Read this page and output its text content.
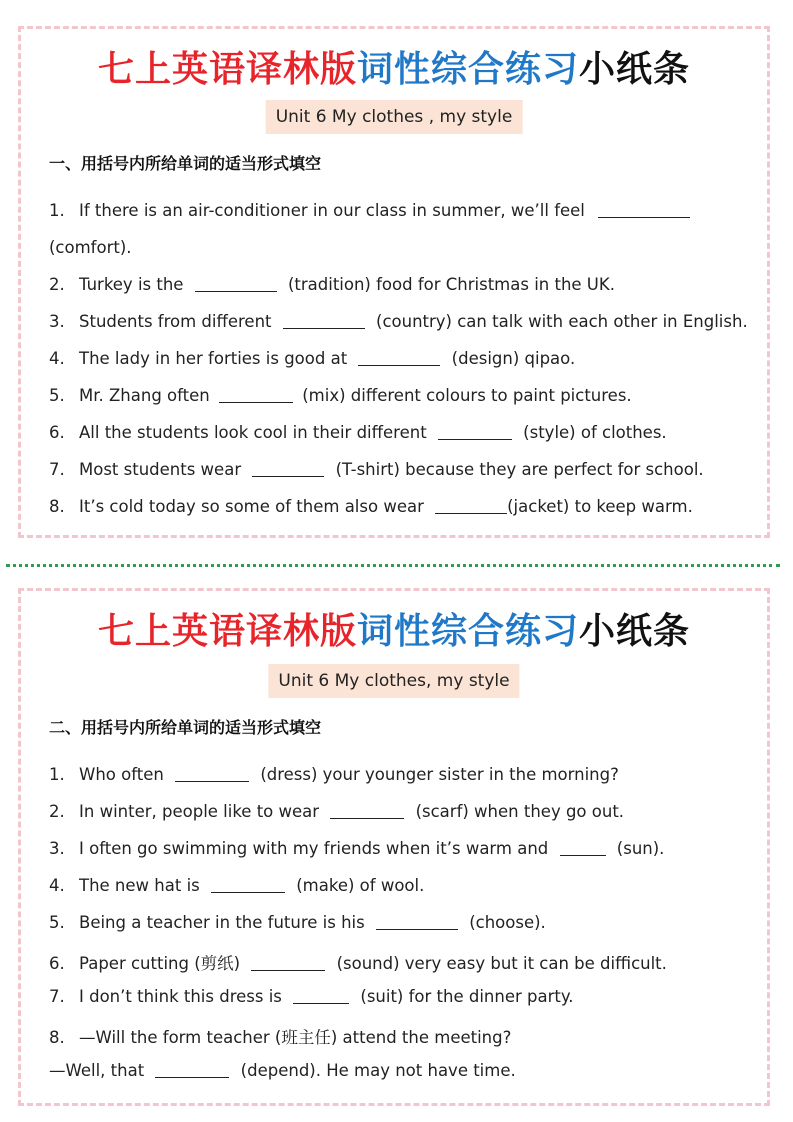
七上英语译林版词性综合练习小纸条
Unit 6 My clothes , my style
一、用括号内所给单词的适当形式填空
1. If there is an air-conditioner in our class in summer, we’ll feel
(comfort).
2. Turkey is the	(tradition) food for Christmas in the UK.
3. Students from different	(country) can talk with each other in English.
4. The lady in her forties is good at	(design) qipao.
5. Mr. Zhang often	(mix) different colours to paint pictures.
6. All the students look cool in their different	(style) of clothes.
7. Most students wear	(T-shirt) because they are perfect for school.
8. It’s cold today so some of them also wear	(jacket) to keep warm.
七上英语译林版词性综合练习小纸条
Unit 6 My clothes, my style
二、用括号内所给单词的适当形式填空
1. Who often	(dress) your younger sister in the morning?
2. In winter, people like to wear	(scarf) when they go out.
3. I often go swimming with my friends when it’s warm and	(sun).
4. The new hat is	(make) of wool.
5. Being a teacher in the future is his	(choose).
6. Paper cutting (剪纸)	(sound) very easy but it can be difficult.
7. I don’t think this dress is	(suit) for the dinner party.
8. —Will the form teacher (班主任) attend the meeting?
—Well, that	(depend). He may not have time.
